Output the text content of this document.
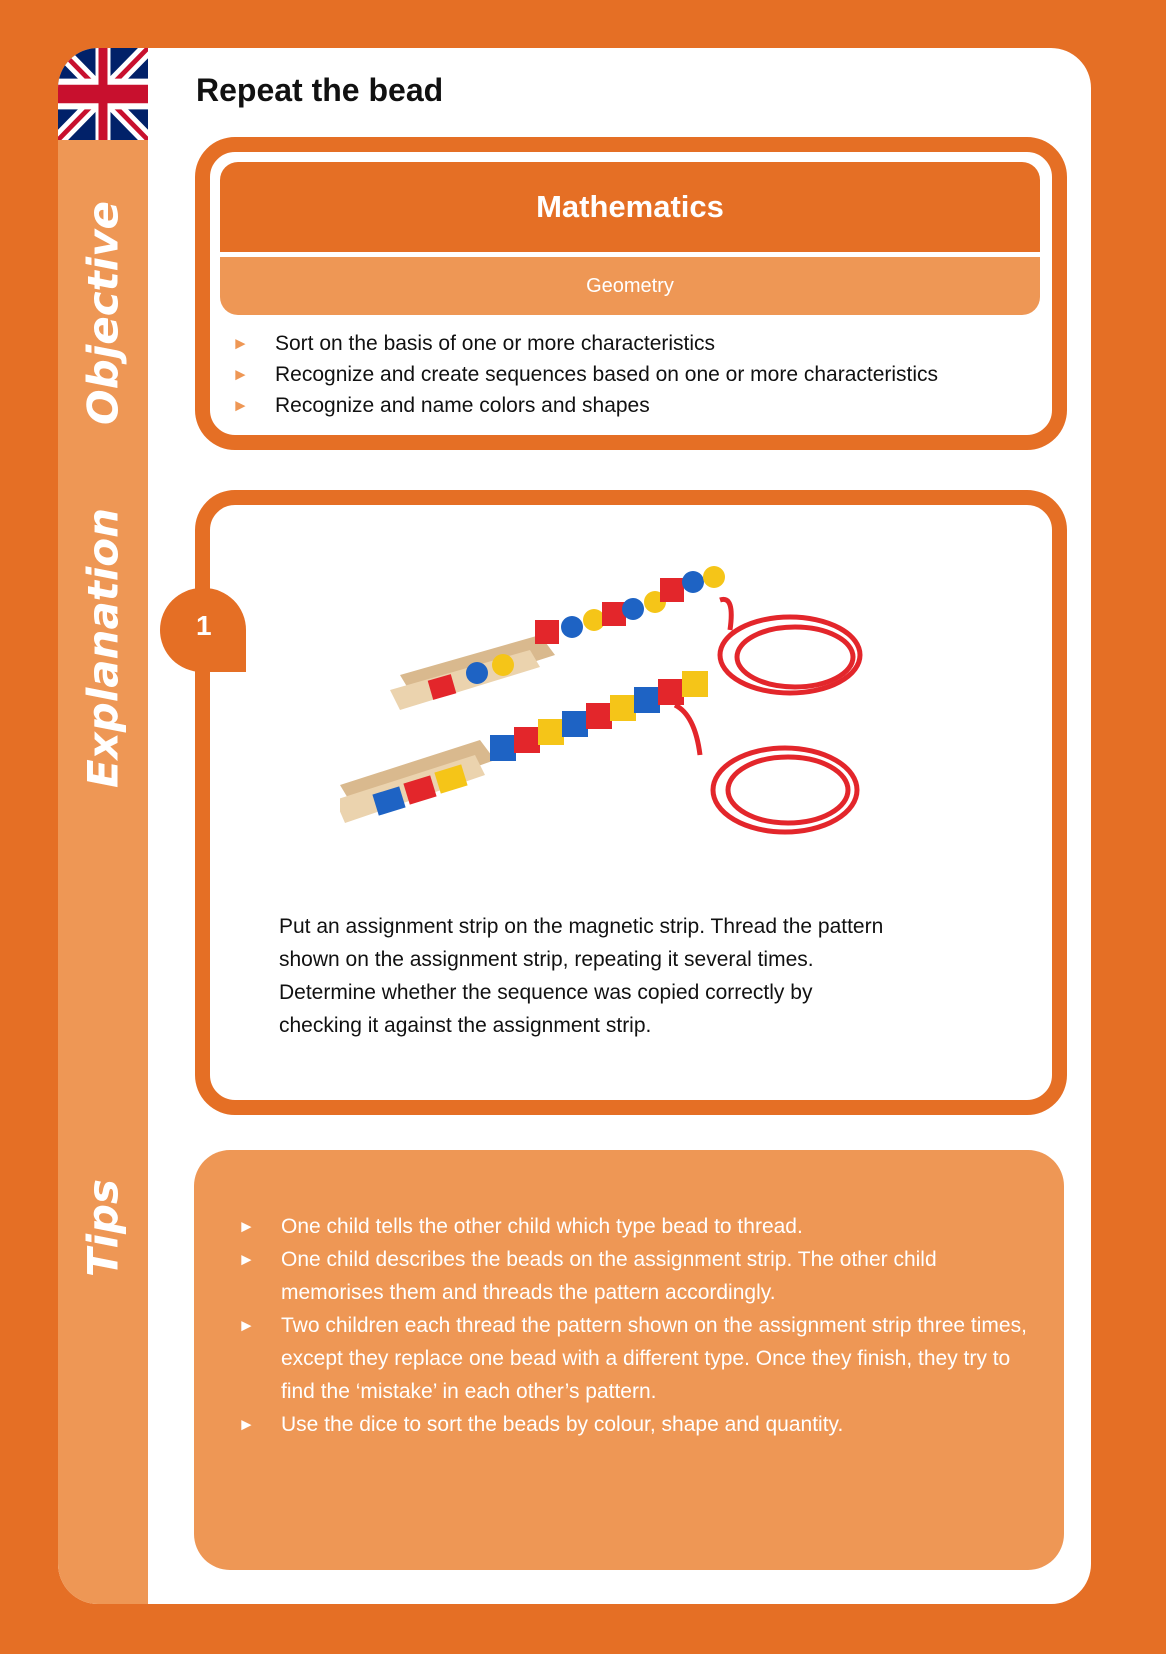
Objective
Explanation
Tips
Repeat the bead
Mathematics
Geometry
► Sort on the basis of one or more characteristics
► Recognize and create sequences based on one or more characteristics
► Recognize and name colors and shapes
1

Put an assignment strip on the magnetic strip. Thread the pattern shown on the assignment strip, repeating it several times. Determine whether the sequence was copied correctly by checking it against the assignment strip.

► One child tells the other child which type bead to thread.
► One child describes the beads on the assignment strip. The other child memorises them and threads the pattern accordingly.
► Two children each thread the pattern shown on the assignment strip three times, except they replace one bead with a different type. Once they finish, they try to find the ‘mistake’ in each other’s pattern.
► Use the dice to sort the beads by colour, shape and quantity.
